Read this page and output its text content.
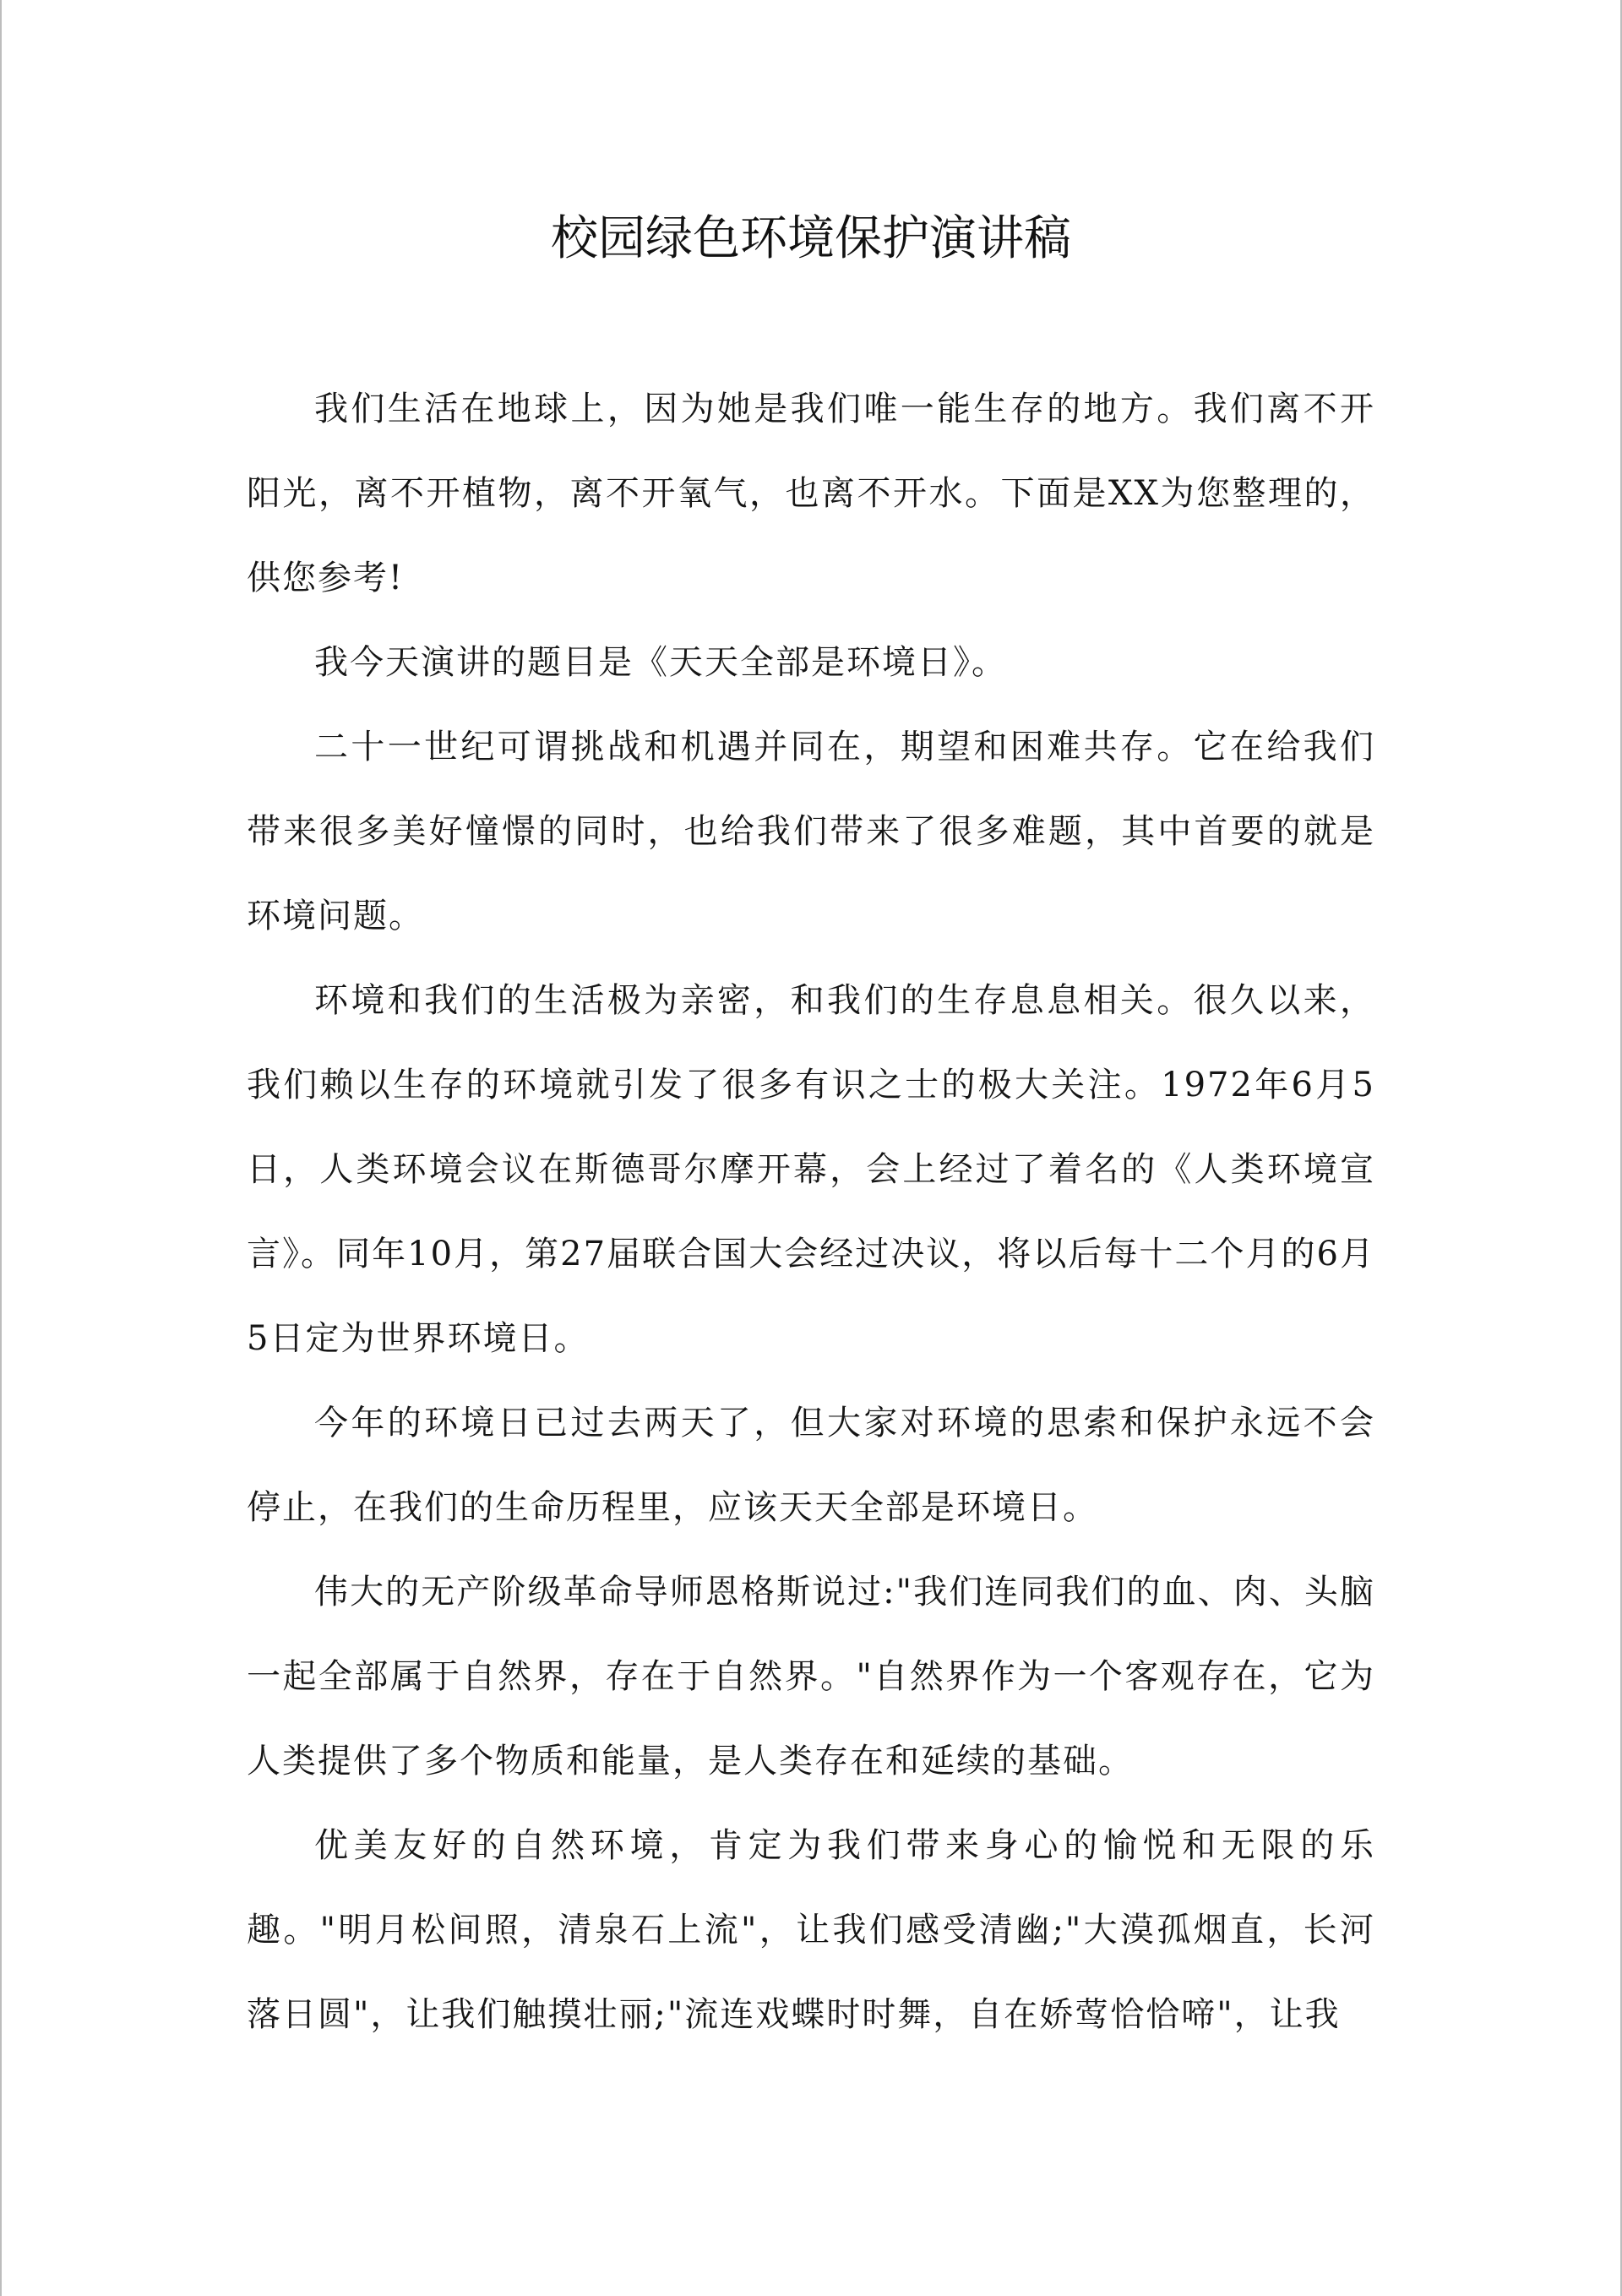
校园绿色环境保护演讲稿

我们生活在地球上，因为她是我们唯一能生存的地方。我们离不开阳光，离不开植物，离不开氧气，也离不开水。下面是XX为您整理的，供您参考!

我今天演讲的题目是《天天全部是环境日》。

二十一世纪可谓挑战和机遇并同在，期望和困难共存。它在给我们带来很多美好憧憬的同时，也给我们带来了很多难题，其中首要的就是环境问题。

环境和我们的生活极为亲密，和我们的生存息息相关。很久以来，我们赖以生存的环境就引发了很多有识之士的极大关注。1972年6月5日，人类环境会议在斯德哥尔摩开幕，会上经过了着名的《人类环境宣言》。同年10月，第27届联合国大会经过决议，将以后每十二个月的6月5日定为世界环境日。

今年的环境日已过去两天了，但大家对环境的思索和保护永远不会停止，在我们的生命历程里，应该天天全部是环境日。

伟大的无产阶级革命导师恩格斯说过:"我们连同我们的血、肉、头脑一起全部属于自然界，存在于自然界。"自然界作为一个客观存在，它为人类提供了多个物质和能量，是人类存在和延续的基础。

优美友好的自然环境，肯定为我们带来身心的愉悦和无限的乐趣。"明月松间照，清泉石上流"，让我们感受清幽;"大漠孤烟直，长河落日圆"，让我们触摸壮丽;"流连戏蝶时时舞，自在娇莺恰恰啼"，让我
